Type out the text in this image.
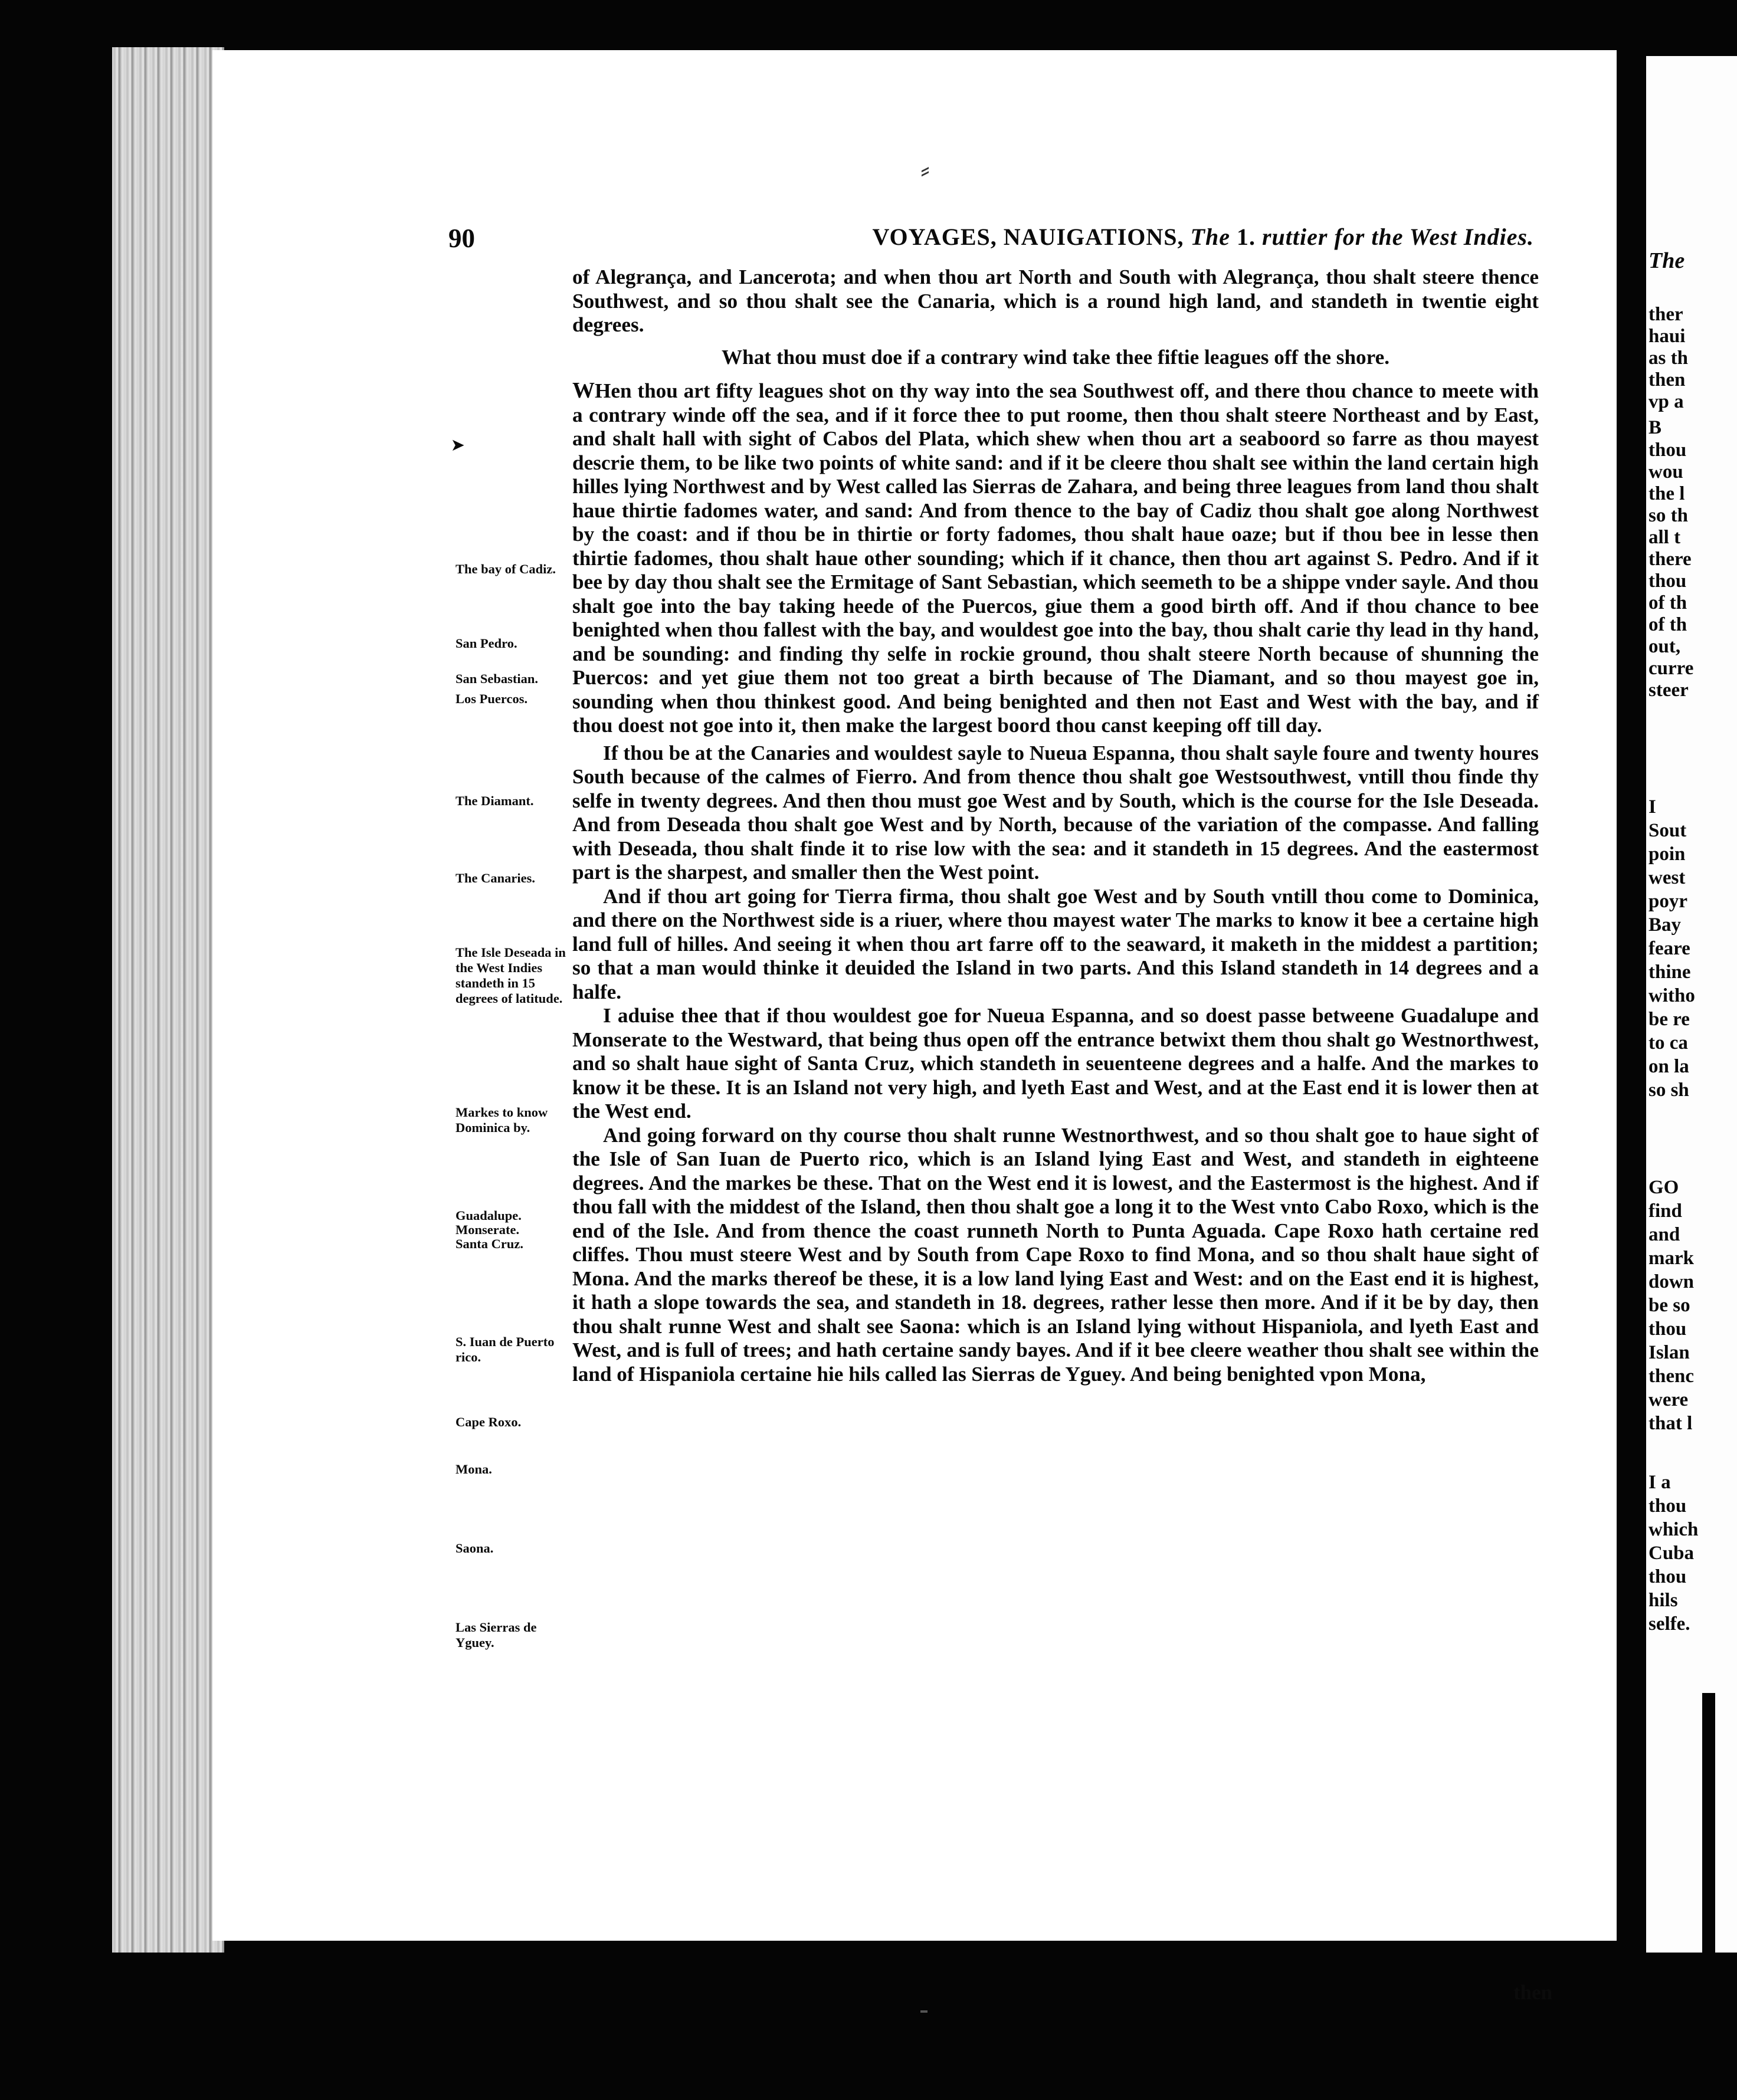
⸗
The
ther
haui
as th
then
vp a
B
thou
wou
the l
so th
all t
there
thou
of th
of th
out,
curre
steer
I
Sout
poin
west
poyr
Bay
feare
thine
witho
be re
to ca
on la
so sh
GO
find
and
mark
down
be so
thou
Islan
thenc
were
that l
I a
thou
which
Cuba
thou
hils
selfe.
90	VOYAGES, NAUIGATIONS, The 1. ruttier for the West Indies.
➤

of Alegrança, and Lancerota; and when thou art North and South with Alegrança, thou shalt steere thence Southwest, and so thou shalt see the Canaria, which is a round high land, and standeth in twentie eight degrees.

What thou must doe if a contrary wind take thee fiftie leagues off the shore.

WHen thou art fifty leagues shot on thy way into the sea Southwest off, and there thou chance to meete with a contrary winde off the sea, and if it force thee to put roome, then thou shalt steere Northeast and by East, and shalt hall with sight of Cabos del Plata, which shew when thou art a seaboord so farre as thou mayest descrie them, to be like two points of white sand: and if it be cleere thou shalt see within the land certain high hilles lying Northwest and by West called las Sierras de Zahara, and being three leagues from land thou shalt haue thirtie fadomes water, and sand: And from thence to the bay of Cadiz thou shalt goe along Northwest by the coast: and if thou be in thirtie or forty fadomes, thou shalt haue oaze; but if thou bee in lesse then thirtie fadomes, thou shalt haue other sounding; which if it chance, then thou art against S. Pedro. And if it bee by day thou shalt see the Ermitage of Sant Sebastian, which seemeth to be a shippe vnder sayle. And thou shalt goe into the bay taking heede of the Puercos, giue them a good birth off. And if thou chance to bee benighted when thou fallest with the bay, and wouldest goe into the bay, thou shalt carie thy lead in thy hand, and be sounding: and finding thy selfe in rockie ground, thou shalt steere North because of shunning the Puercos: and yet giue them not too great a birth because of The Diamant, and so thou mayest goe in, sounding when thou thinkest good. And being benighted and then not East and West with the bay, and if thou doest not goe into it, then make the largest boord thou canst keeping off till day.

If thou be at the Canaries and wouldest sayle to Nueua Espanna, thou shalt sayle foure and twenty houres South because of the calmes of Fierro. And from thence thou shalt goe Westsouthwest, vntill thou finde thy selfe in twenty degrees. And then thou must goe West and by South, which is the course for the Isle Deseada. And from Deseada thou shalt goe West and by North, because of the variation of the compasse. And falling with Deseada, thou shalt finde it to rise low with the sea: and it standeth in 15 degrees. And the eastermost part is the sharpest, and smaller then the West point.

And if thou art going for Tierra firma, thou shalt goe West and by South vntill thou come to Dominica, and there on the Northwest side is a riuer, where thou mayest water The marks to know it bee a certaine high land full of hilles. And seeing it when thou art farre off to the seaward, it maketh in the middest a partition; so that a man would thinke it deuided the Island in two parts. And this Island standeth in 14 degrees and a halfe.

I aduise thee that if thou wouldest goe for Nueua Espanna, and so doest passe betweene Guadalupe and Monserate to the Westward, that being thus open off the entrance betwixt them thou shalt go Westnorthwest, and so shalt haue sight of Santa Cruz, which standeth in seuenteene degrees and a halfe. And the markes to know it be these. It is an Island not very high, and lyeth East and West, and at the East end it is lower then at the West end.

And going forward on thy course thou shalt runne Westnorthwest, and so thou shalt goe to haue sight of the Isle of San Iuan de Puerto rico, which is an Island lying East and West, and standeth in eighteene degrees. And the markes be these. That on the West end it is lowest, and the Eastermost is the highest. And if thou fall with the middest of the Island, then thou shalt goe a long it to the West vnto Cabo Roxo, which is the end of the Isle. And from thence the coast runneth North to Punta Aguada. Cape Roxo hath certaine red cliffes. Thou must steere West and by South from Cape Roxo to find Mona, and so thou shalt haue sight of Mona. And the marks thereof be these, it is a low land lying East and West: and on the East end it is highest, it hath a slope towards the sea, and standeth in 18. degrees, rather lesse then more. And if it be by day, then thou shalt runne West and shalt see Saona: which is an Island lying without Hispaniola, and lyeth East and West, and is full of trees; and hath certaine sandy bayes. And if it bee cleere weather thou shalt see within the land of Hispaniola certaine hie hils called las Sierras de Yguey. And being benighted vpon Mona,

then
The bay of Cadiz.
San Pedro.
San Sebastian.
Los Puercos.
The Diamant.
The Canaries.
The Isle Deseada in the West Indies standeth in 15 degrees of latitude.
Markes to know Dominica by.
Guadalupe.
Monserate.
Santa Cruz.
S. Iuan de Puerto rico.
Cape Roxo.
Mona.
Saona.
Las Sierras de Yguey.
